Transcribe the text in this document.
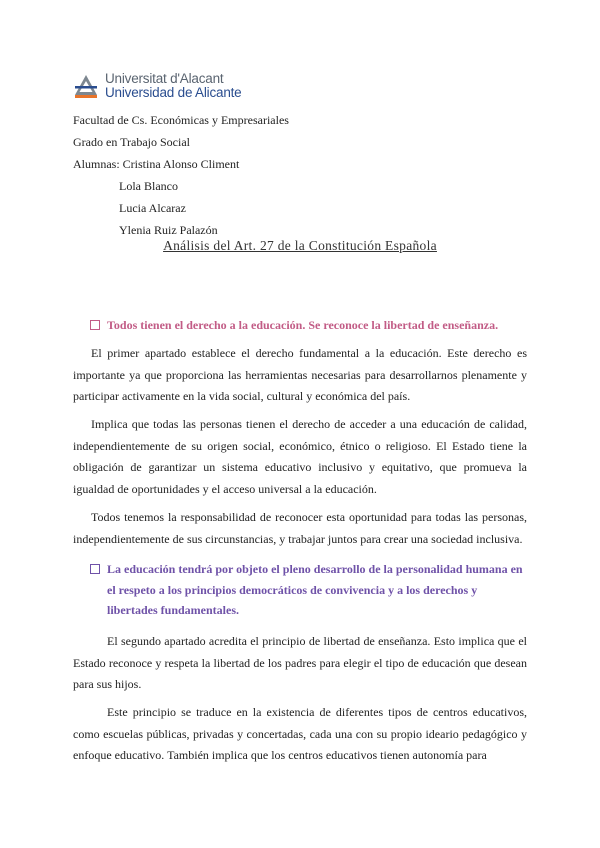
Universitat d'Alacant
Universidad de Alicante
Facultad de Cs. Económicas y Empresariales
Grado en Trabajo Social
Alumnas: Cristina Alonso Climent
Lola Blanco
Lucia Alcaraz
Ylenia Ruiz Palazón
Análisis del Art. 27 de la Constitución Española
Todos tienen el derecho a la educación. Se reconoce la libertad de enseñanza.
El primer apartado establece el derecho fundamental a la educación. Este derecho es importante ya que proporciona las herramientas necesarias para desarrollarnos plenamente y participar activamente en la vida social, cultural y económica del país.
Implica que todas las personas tienen el derecho de acceder a una educación de calidad, independientemente de su origen social, económico, étnico o religioso. El Estado tiene la obligación de garantizar un sistema educativo inclusivo y equitativo, que promueva la igualdad de oportunidades y el acceso universal a la educación.
Todos tenemos la responsabilidad de reconocer esta oportunidad para todas las personas, independientemente de sus circunstancias, y trabajar juntos para crear una sociedad inclusiva.
La educación tendrá por objeto el pleno desarrollo de la personalidad humana en el respeto a los principios democráticos de convivencia y a los derechos y libertades fundamentales.
El segundo apartado acredita el principio de libertad de enseñanza. Esto implica que el Estado reconoce y respeta la libertad de los padres para elegir el tipo de educación que desean para sus hijos.
Este principio se traduce en la existencia de diferentes tipos de centros educativos, como escuelas públicas, privadas y concertadas, cada una con su propio ideario pedagógico y enfoque educativo. También implica que los centros educativos tienen autonomía para
